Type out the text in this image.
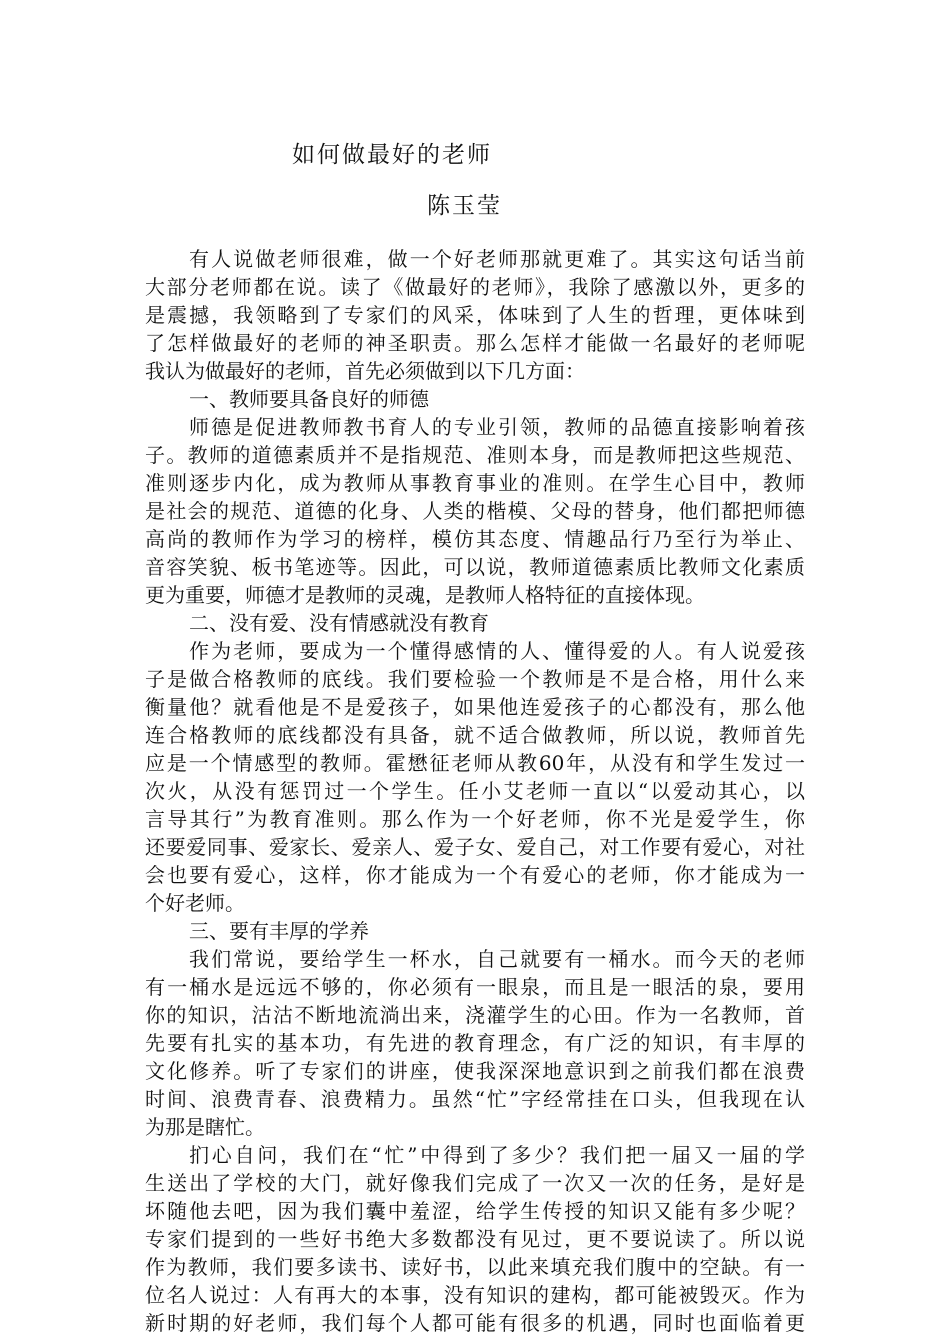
如何做最好的老师
陈玉莹
有人说做老师很难，做一个好老师那就更难了。其实这句话当前
大部分老师都在说。读了《做最好的老师》，我除了感激以外，更多的
是震撼，我领略到了专家们的风采，体味到了人生的哲理，更体味到
了怎样做最好的老师的神圣职责。那么怎样才能做一名最好的老师呢
我认为做最好的老师，首先必须做到以下几方面：
一、教师要具备良好的师德
师德是促进教师教书育人的专业引领，教师的品德直接影响着孩
子。教师的道德素质并不是指规范、准则本身，而是教师把这些规范、
准则逐步内化，成为教师从事教育事业的准则。在学生心目中，教师
是社会的规范、道德的化身、人类的楷模、父母的替身，他们都把师德
高尚的教师作为学习的榜样，模仿其态度、情趣品行乃至行为举止、
音容笑貌、板书笔迹等。因此，可以说，教师道德素质比教师文化素质
更为重要，师德才是教师的灵魂，是教师人格特征的直接体现。
二、没有爱、没有情感就没有教育
作为老师，要成为一个懂得感情的人、懂得爱的人。有人说爱孩
子是做合格教师的底线。我们要检验一个教师是不是合格，用什么来
衡量他？就看他是不是爱孩子，如果他连爱孩子的心都没有，那么他
连合格教师的底线都没有具备，就不适合做教师，所以说，教师首先
应是一个情感型的教师。霍懋征老师从教60年，从没有和学生发过一
次火，从没有惩罚过一个学生。任小艾老师一直以“以爱动其心，以
言导其行”为教育准则。那么作为一个好老师，你不光是爱学生，你
还要爱同事、爱家长、爱亲人、爱子女、爱自己，对工作要有爱心，对社
会也要有爱心，这样，你才能成为一个有爱心的老师，你才能成为一
个好老师。
三、要有丰厚的学养
我们常说，要给学生一杯水，自己就要有一桶水。而今天的老师
有一桶水是远远不够的，你必须有一眼泉，而且是一眼活的泉，要用
你的知识，沽沽不断地流淌出来，浇灌学生的心田。作为一名教师，首
先要有扎实的基本功，有先进的教育理念，有广泛的知识，有丰厚的
文化修养。听了专家们的讲座，使我深深地意识到之前我们都在浪费
时间、浪费青春、浪费精力。虽然“忙”字经常挂在口头，但我现在认
为那是瞎忙。
扪心自问，我们在“忙”中得到了多少？我们把一届又一届的学
生送出了学校的大门，就好像我们完成了一次又一次的任务，是好是
坏随他去吧，因为我们囊中羞涩，给学生传授的知识又能有多少呢？
专家们提到的一些好书绝大多数都没有见过，更不要说读了。所以说
作为教师，我们要多读书、读好书，以此来填充我们腹中的空缺。有一
位名人说过：人有再大的本事，没有知识的建构，都可能被毁灭。作为
新时期的好老师，我们每个人都可能有很多的机遇，同时也面临着更
